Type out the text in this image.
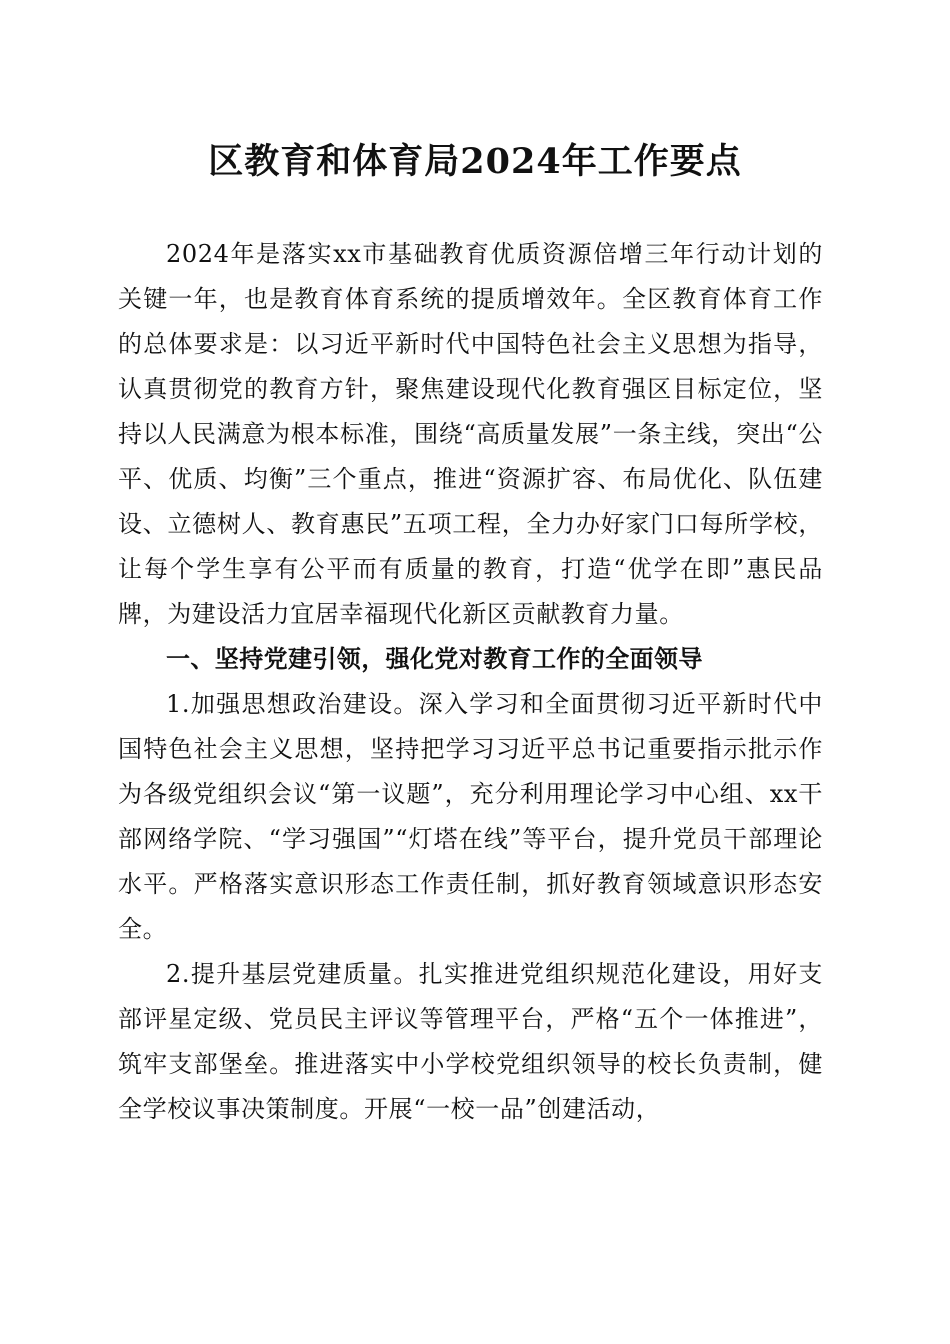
区教育和体育局2024年工作要点

2024年是落实xx市基础教育优质资源倍增三年行动计划的关键一年，也是教育体育系统的提质增效年。全区教育体育工作的总体要求是：以习近平新时代中国特色社会主义思想为指导，认真贯彻党的教育方针，聚焦建设现代化教育强区目标定位，坚持以人民满意为根本标准，围绕“高质量发展”一条主线，突出“公平、优质、均衡”三个重点，推进“资源扩容、布局优化、队伍建设、立德树人、教育惠民”五项工程，全力办好家门口每所学校，让每个学生享有公平而有质量的教育，打造“优学在即”惠民品牌，为建设活力宜居幸福现代化新区贡献教育力量。

一、坚持党建引领，强化党对教育工作的全面领导

1.加强思想政治建设。深入学习和全面贯彻习近平新时代中国特色社会主义思想，坚持把学习习近平总书记重要指示批示作为各级党组织会议“第一议题”，充分利用理论学习中心组、xx干部网络学院、“学习强国”“灯塔在线”等平台，提升党员干部理论水平。严格落实意识形态工作责任制，抓好教育领域意识形态安全。

2.提升基层党建质量。扎实推进党组织规范化建设，用好支部评星定级、党员民主评议等管理平台，严格“五个一体推进”，筑牢支部堡垒。推进落实中小学校党组织领导的校长负责制，健全学校议事决策制度。开展“一校一品”创建活动，
